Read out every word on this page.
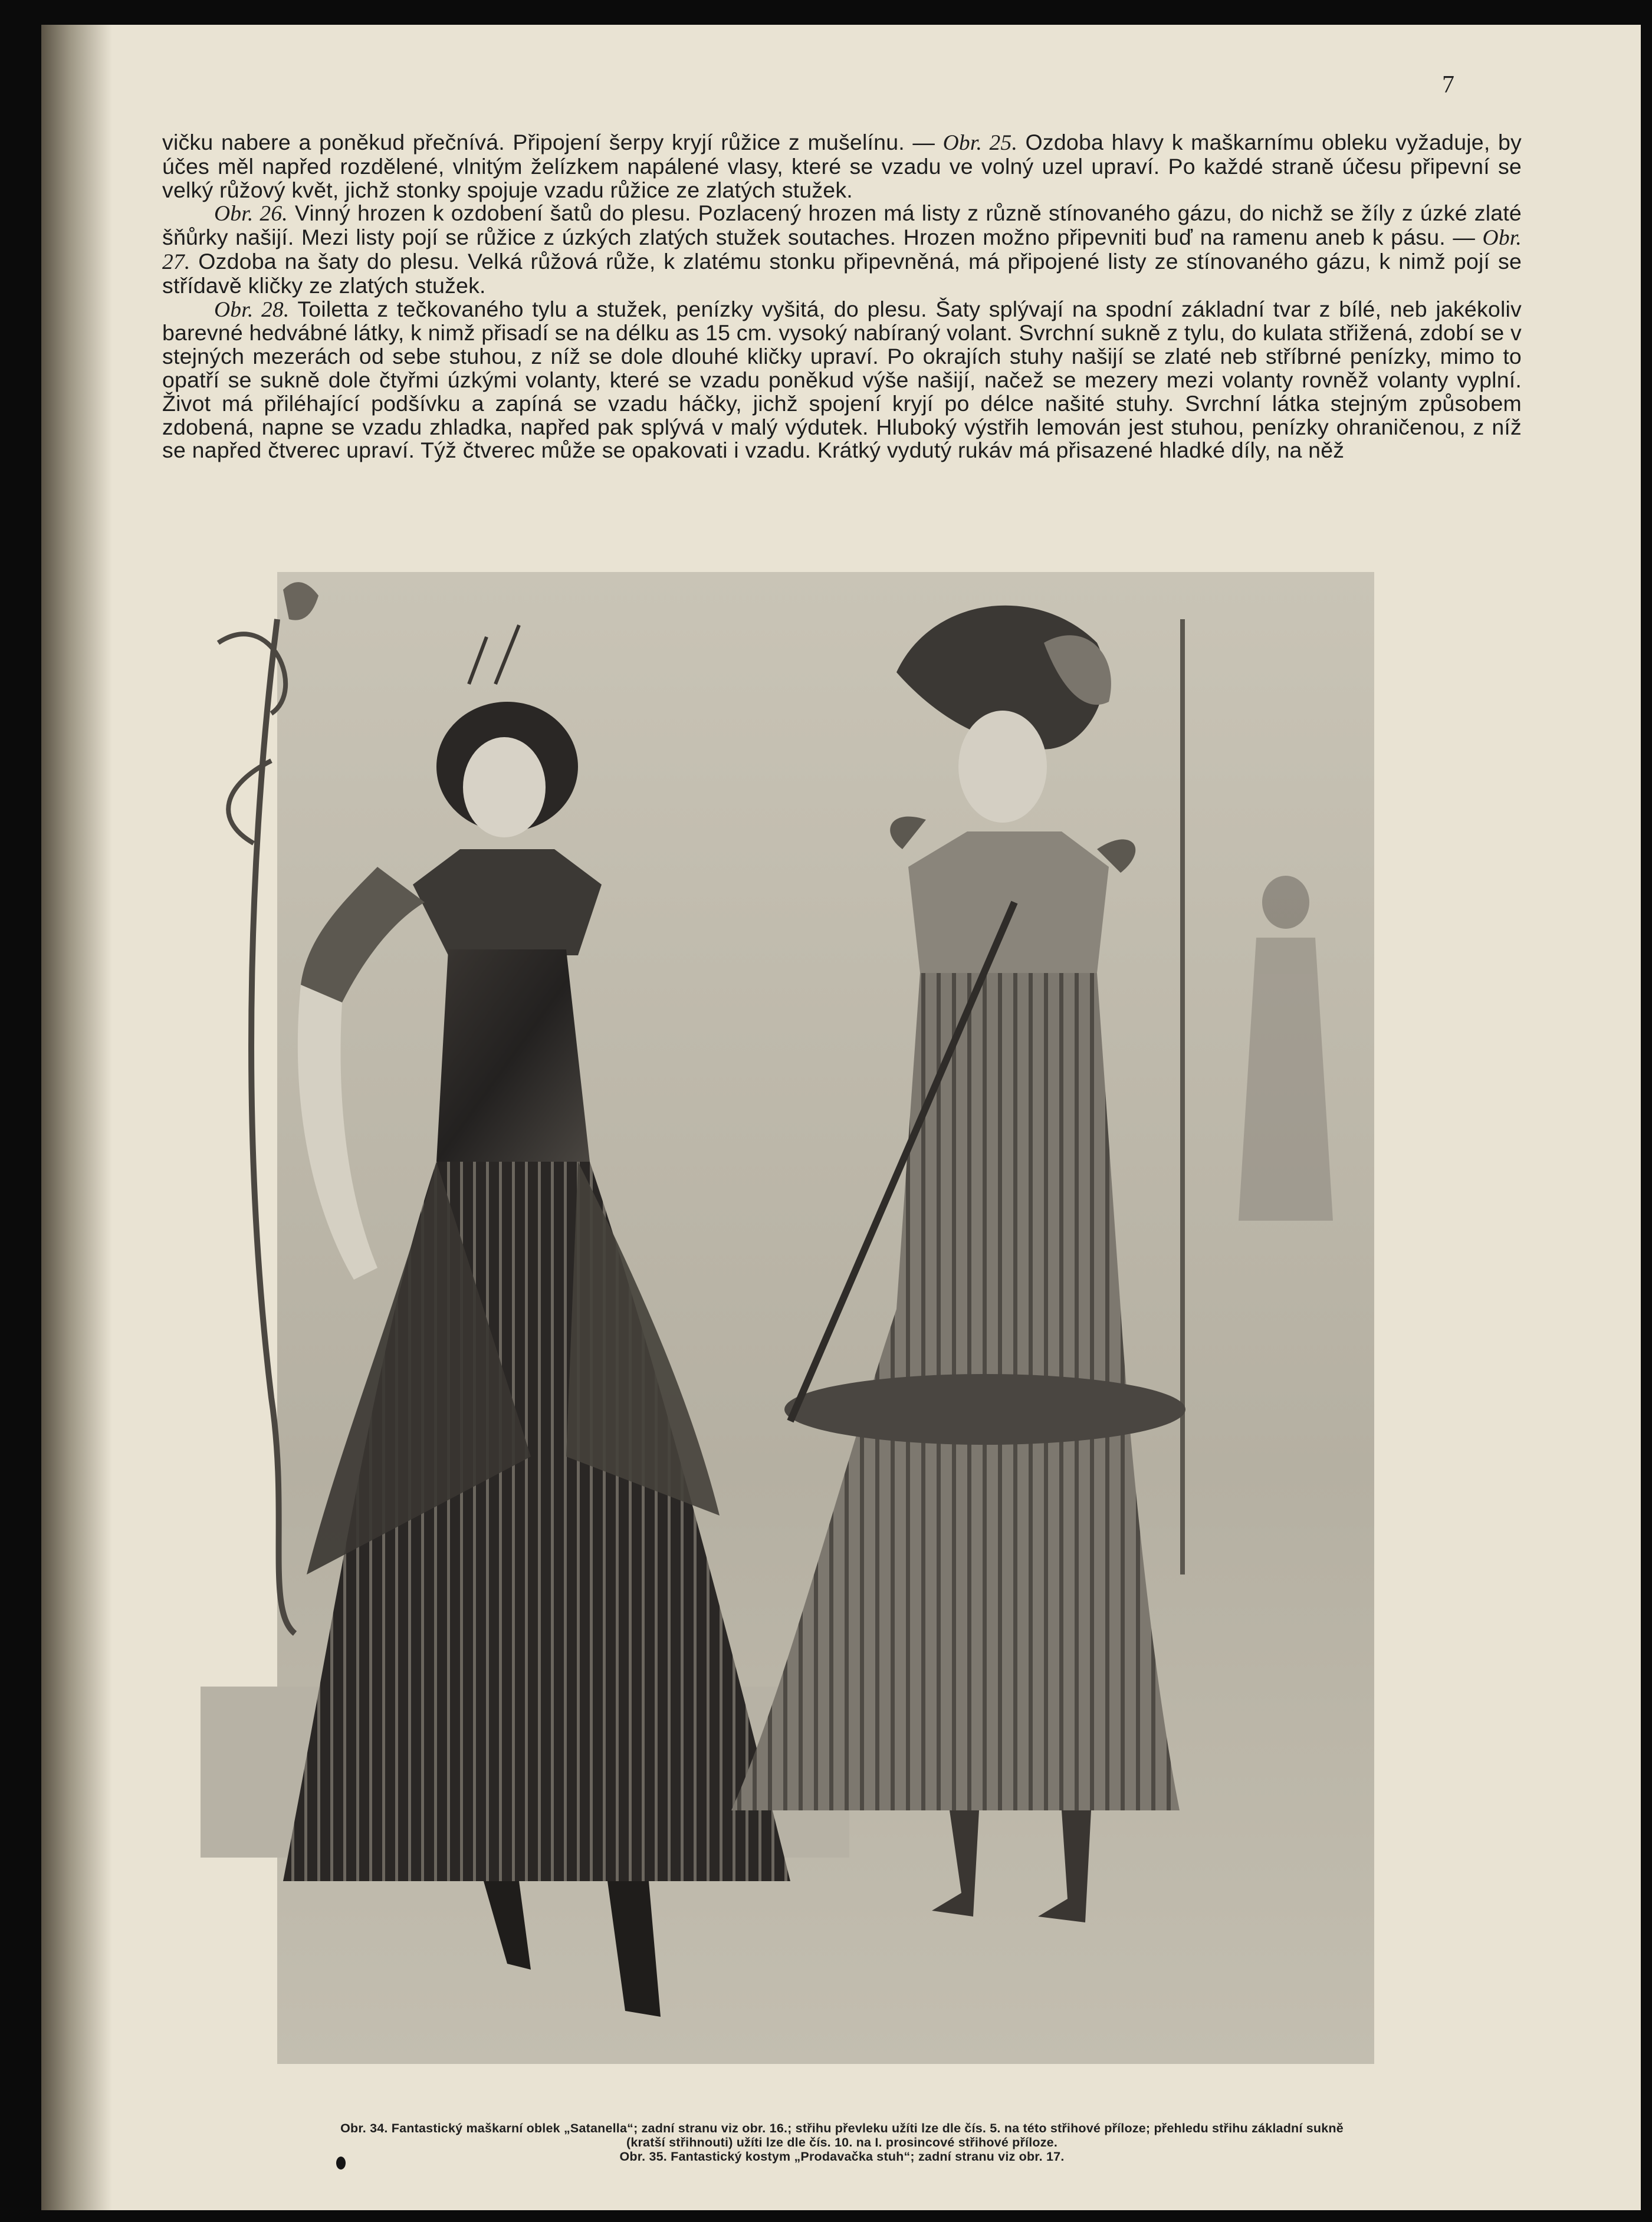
7

vičku nabere a poněkud přečnívá. Připojení šerpy kryjí růžice z mušelínu. — Obr. 25. Ozdoba hlavy k maškarnímu obleku vyžaduje, by účes měl napřed rozdělené, vlnitým želízkem napálené vlasy, které se vzadu ve volný uzel upraví. Po každé straně účesu připevní se velký růžový květ, jichž stonky spojuje vzadu růžice ze zlatých stužek.

Obr. 26. Vinný hrozen k ozdobení šatů do plesu. Pozlacený hrozen má listy z různě stínovaného gázu, do nichž se žíly z úzké zlaté šňůrky našijí. Mezi listy pojí se růžice z úzkých zlatých stužek soutaches. Hrozen možno připevniti buď na ramenu aneb k pásu. — Obr. 27. Ozdoba na šaty do plesu. Velká růžová růže, k zlatému stonku připevněná, má připojené listy ze stínovaného gázu, k nimž pojí se střídavě kličky ze zlatých stužek.

Obr. 28. Toiletta z tečkovaného tylu a stužek, penízky vyšitá, do plesu. Šaty splývají na spodní základní tvar z bílé, neb jakékoliv barevné hedvábné látky, k nimž přisadí se na délku as 15 cm. vysoký nabíraný volant. Svrchní sukně z tylu, do kulata střižená, zdobí se v stejných mezerách od sebe stuhou, z níž se dole dlouhé kličky upraví. Po okrajích stuhy našijí se zlaté neb stříbrné penízky, mimo to opatří se sukně dole čtyřmi úzkými volanty, které se vzadu poněkud výše našijí, načež se mezery mezi volanty rovněž volanty vyplní. Život má přiléhající podšívku a zapíná se vzadu háčky, jichž spojení kryjí po délce našité stuhy. Svrchní látka stejným způsobem zdobená, napne se vzadu zhladka, napřed pak splývá v malý výdutek. Hluboký výstřih lemován jest stuhou, penízky ohraničenou, z níž se napřed čtverec upraví. Týž čtverec může se opakovati i vzadu. Krátký vydutý rukáv má přisazené hladké díly, na něž

Obr. 34. Fantastický maškarní oblek „Satanella“; zadní stranu viz obr. 16.; střihu převleku užíti lze dle čís. 5. na této střihové příloze; přehledu střihu základní sukně

(kratší střihnouti) užíti lze dle čís. 10. na I. prosincové střihové příloze.

Obr. 35. Fantastický kostym „Prodavačka stuh“; zadní stranu viz obr. 17.
